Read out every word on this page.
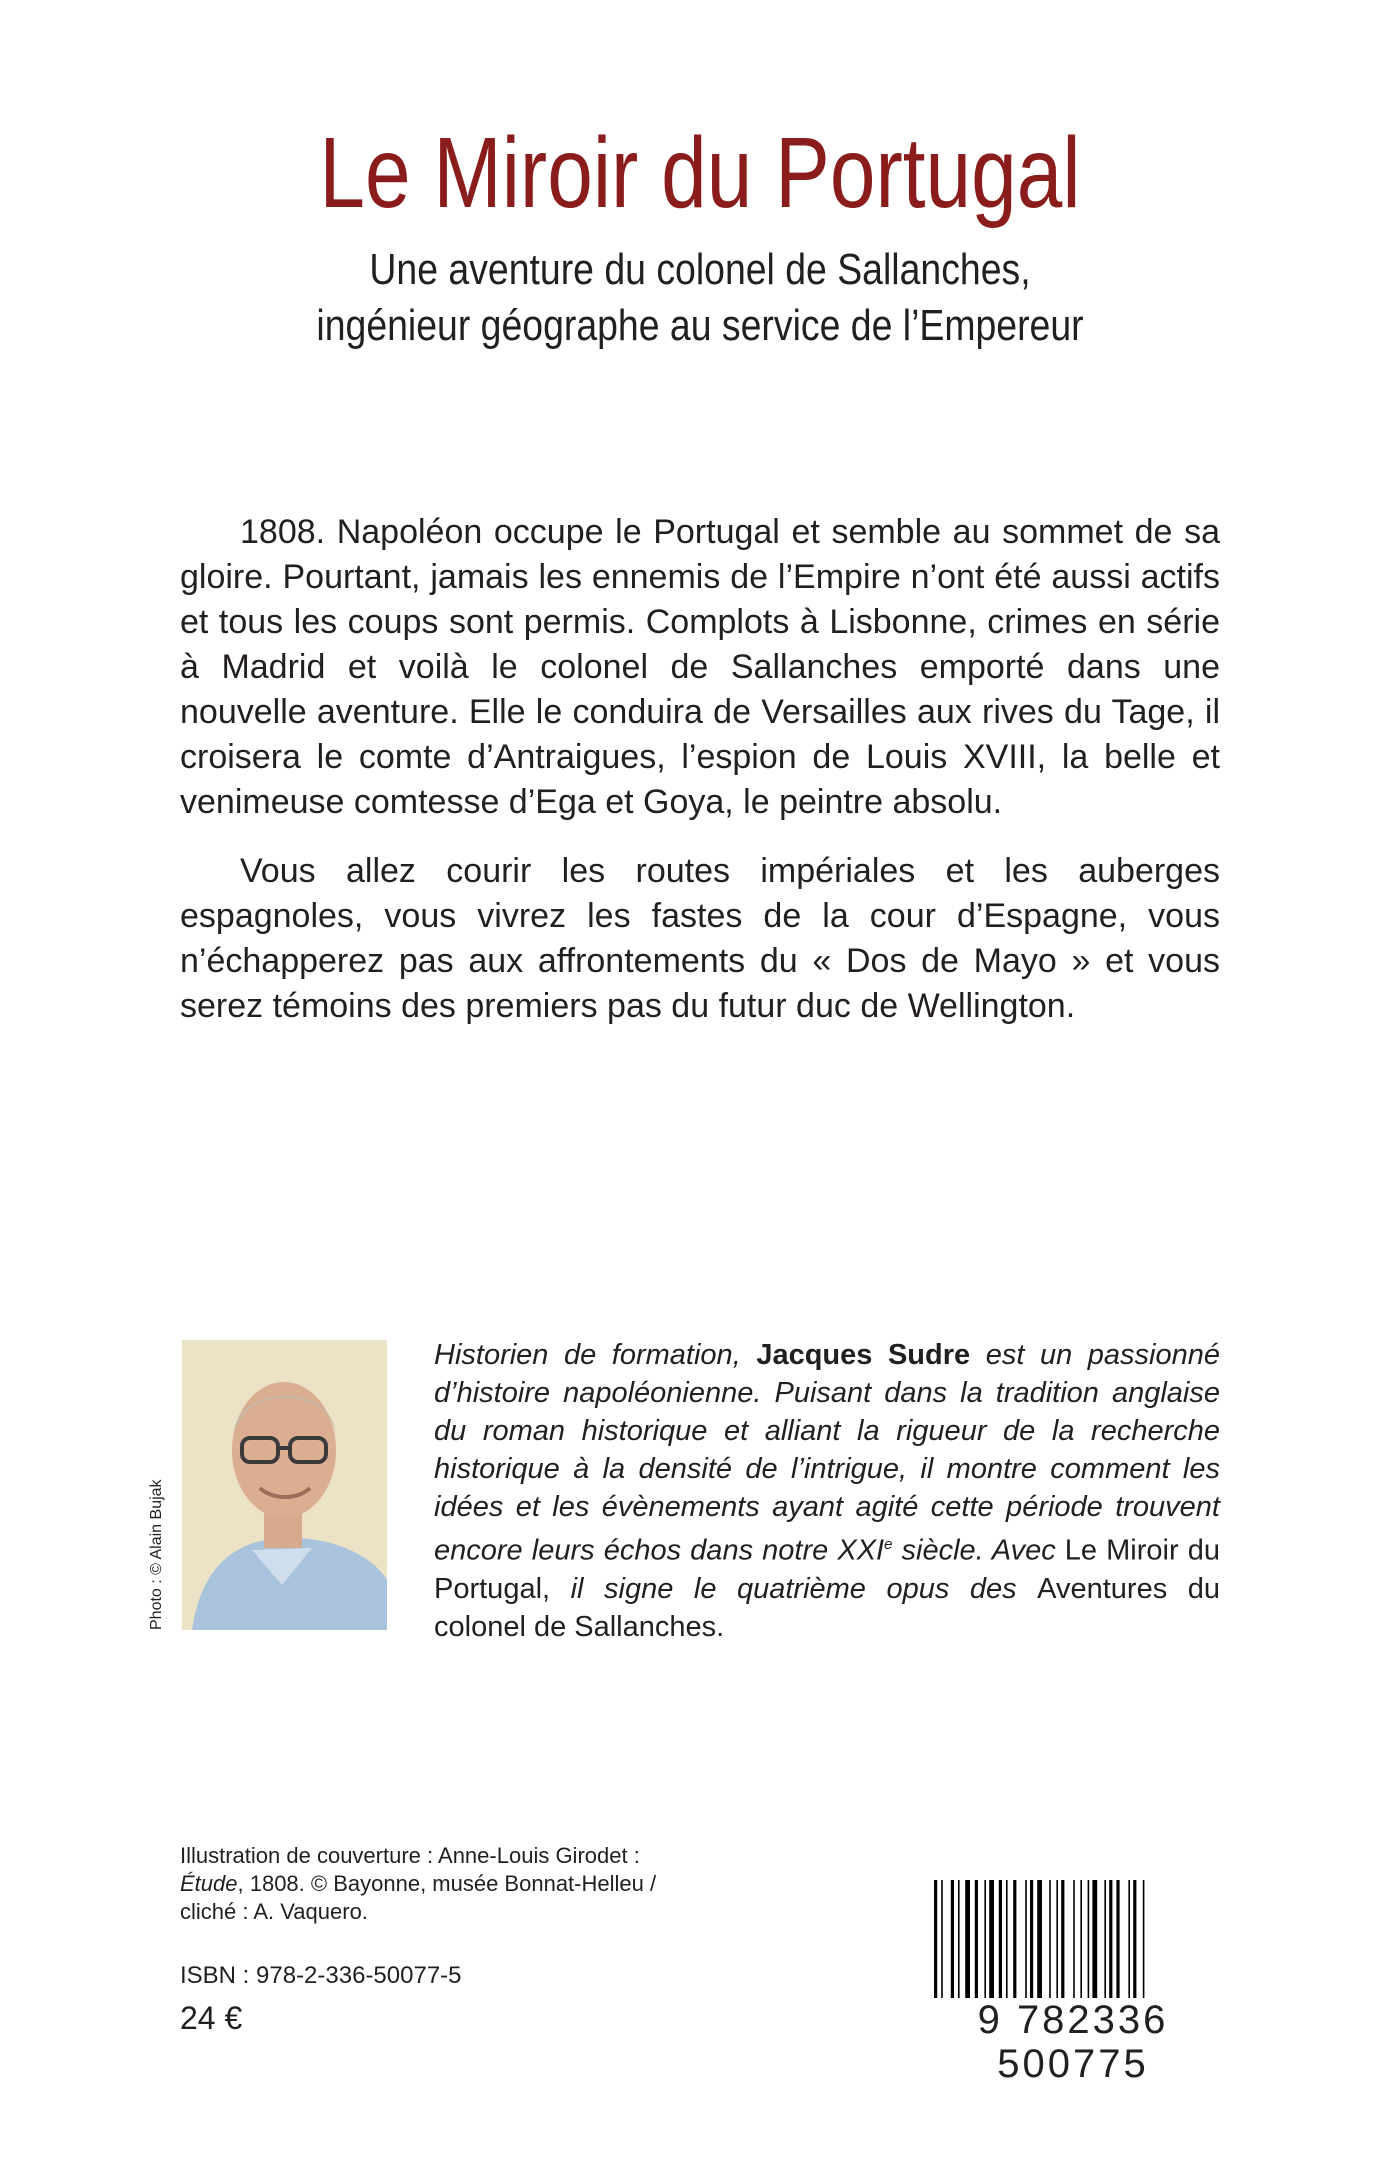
Le Miroir du Portugal
Une aventure du colonel de Sallanches,
ingénieur géographe au service de l’Empereur

1808. Napoléon occupe le Portugal et semble au sommet de sa gloire. Pourtant, jamais les ennemis de l’Empire n’ont été aussi actifs et tous les coups sont permis. Complots à Lisbonne, crimes en série à Madrid et voilà le colonel de Sallanches emporté dans une nouvelle aventure. Elle le conduira de Versailles aux rives du Tage, il croisera le comte d’Antraigues, l’espion de Louis XVIII, la belle et venimeuse comtesse d’Ega et Goya, le peintre absolu.

Vous allez courir les routes impériales et les auberges espagnoles, vous vivrez les fastes de la cour d’Espagne, vous n’échapperez pas aux affrontements du « Dos de Mayo » et vous serez témoins des premiers pas du futur duc de Wellington.

Photo : © Alain Bujak
Historien de formation, Jacques Sudre est un passionné d’histoire napoléonienne. Puisant dans la tradition anglaise du roman historique et alliant la rigueur de la recherche historique à la densité de l’intrigue, il montre comment les idées et les évènements ayant agité cette période trouvent encore leurs échos dans notre XXIe siècle. Avec Le Miroir du Portugal, il signe le quatrième opus des Aventures du colonel de Sallanches.
Illustration de couverture : Anne-Louis Girodet :
Étude, 1808. © Bayonne, musée Bonnat-Helleu /
cliché : A. Vaquero.
ISBN : 978-2-336-50077-5
24 €	9 782336 500775
